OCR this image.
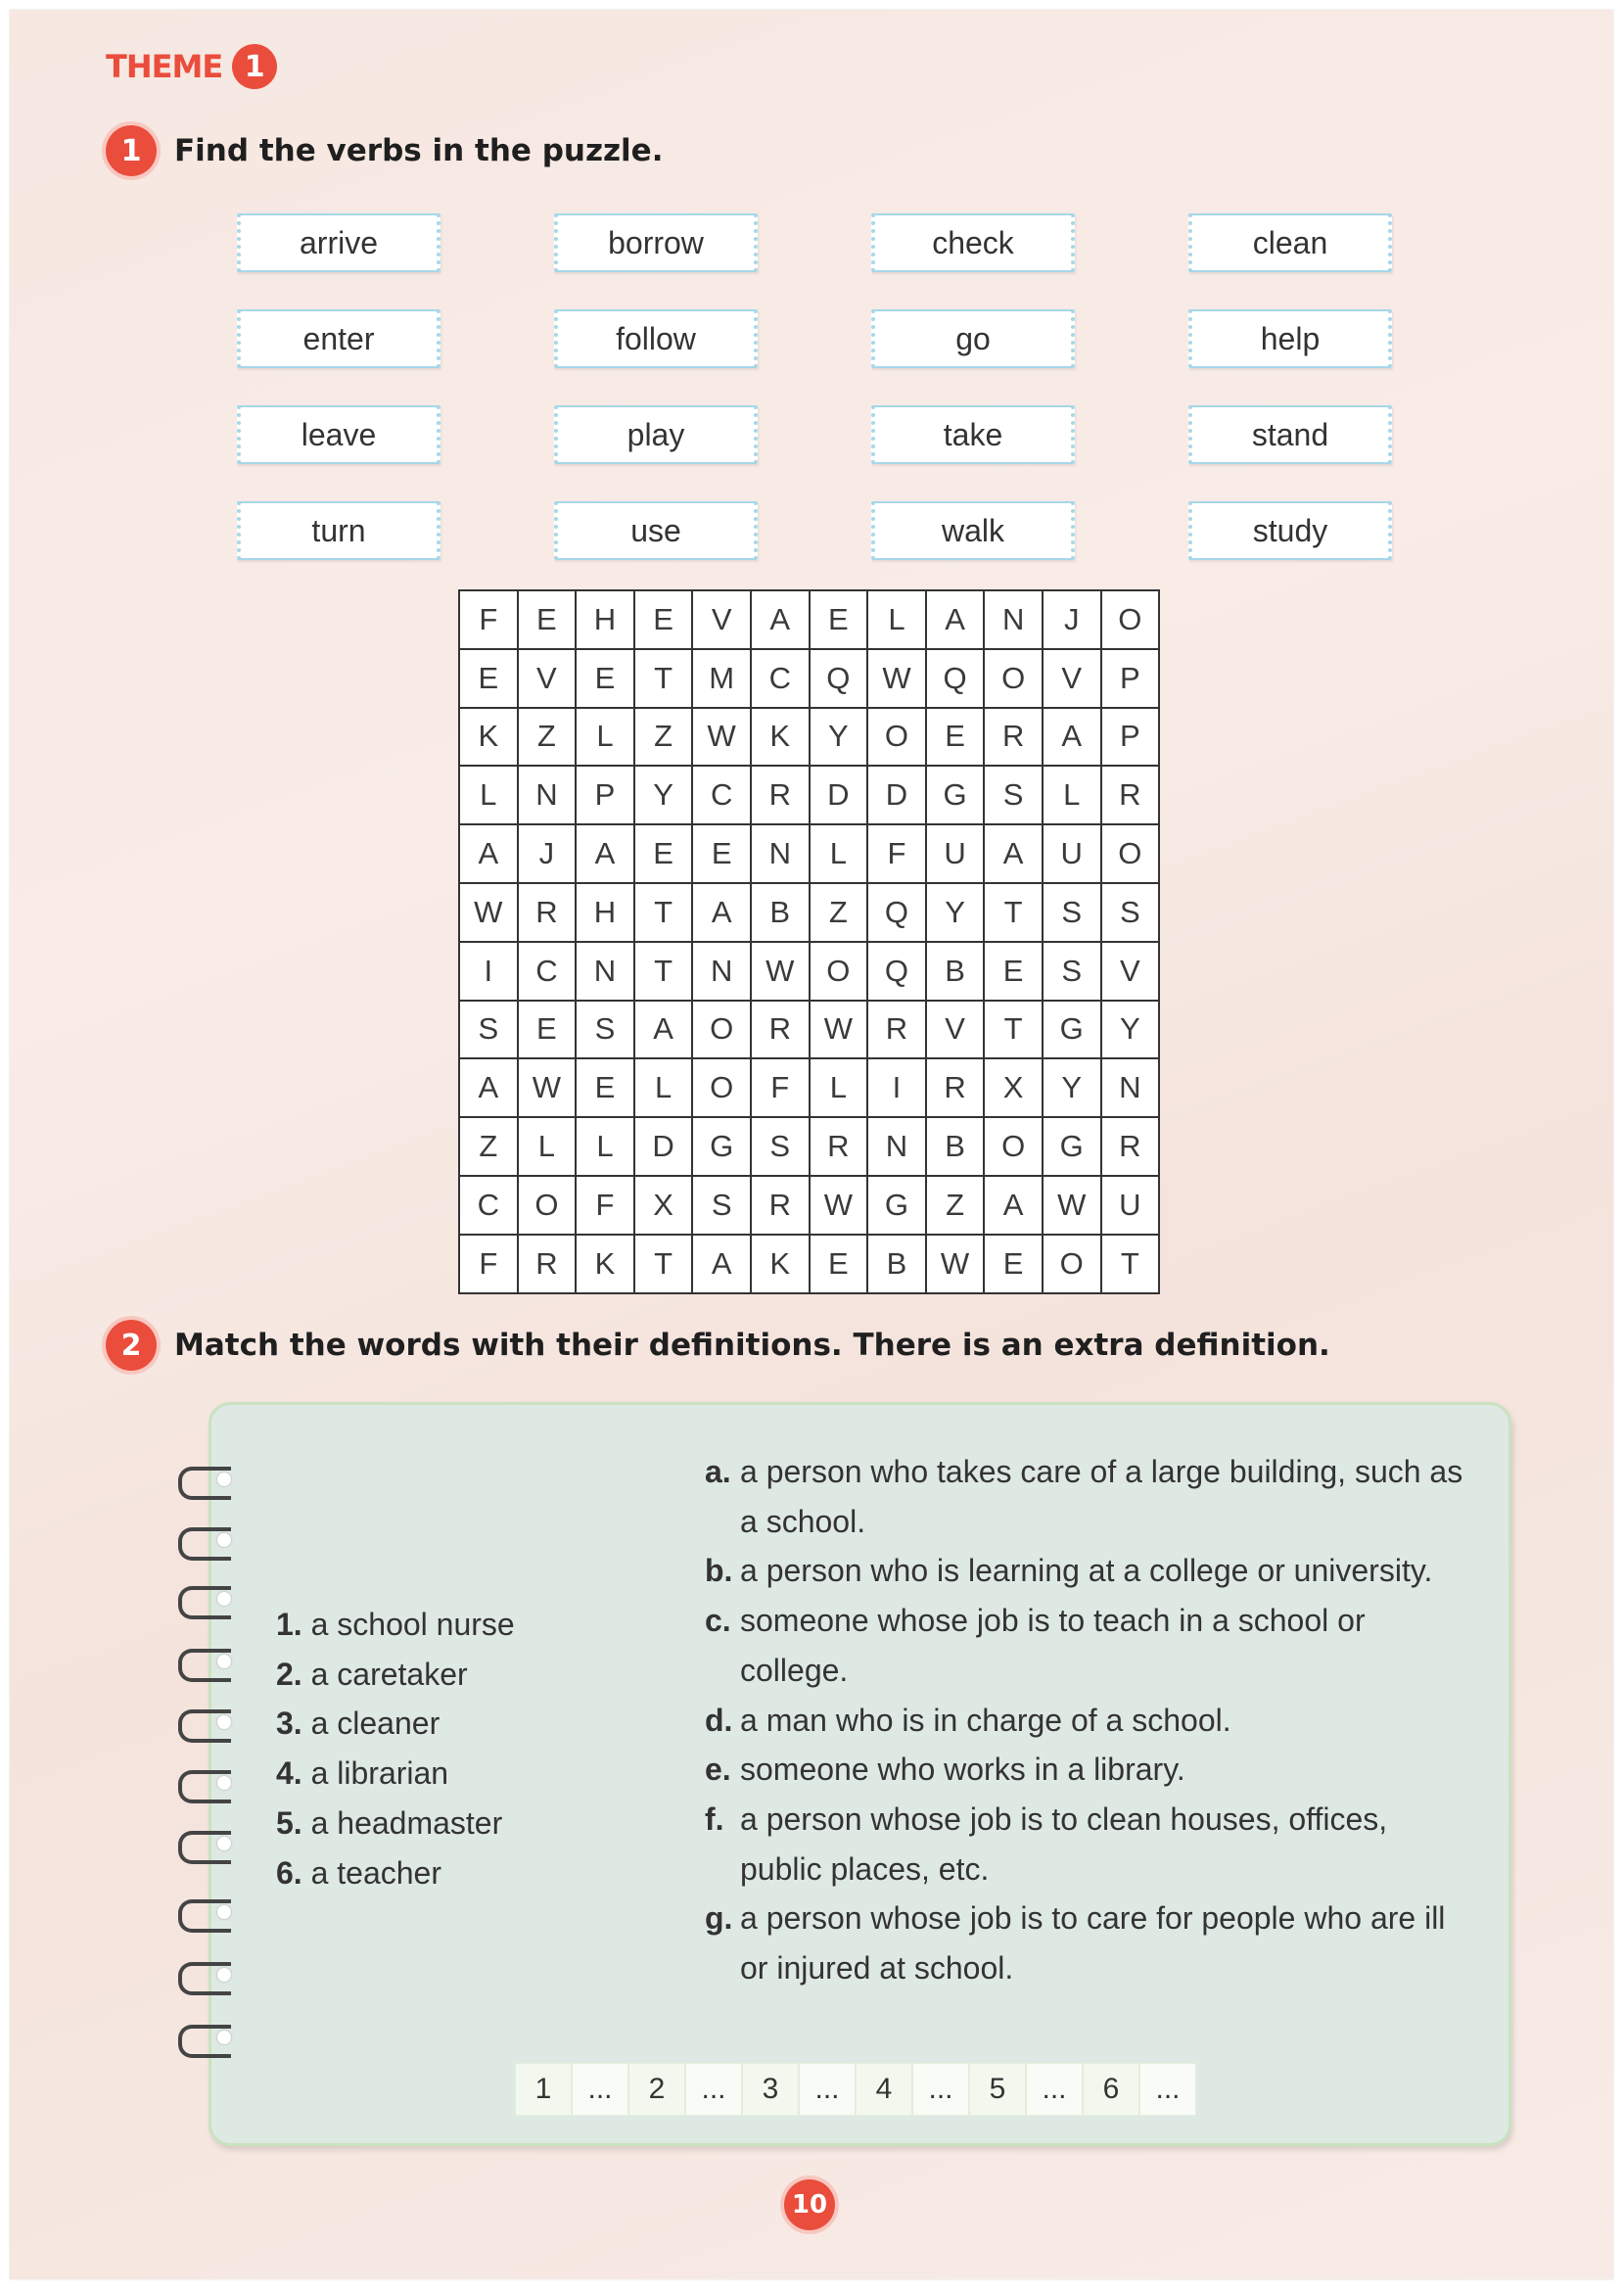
THEME 1
1	Find the verbs in the puzzle.
arrive	borrow	check	clean
enter	follow	go	help
leave	play	take	stand
turn	use	walk	study
F	E	H	E	V	A	E	L	A	N	J	O
E	V	E	T	M	C	Q	W	Q	O	V	P
K	Z	L	Z	W	K	Y	O	E	R	A	P
L	N	P	Y	C	R	D	D	G	S	L	R
A	J	A	E	E	N	L	F	U	A	U	O
W	R	H	T	A	B	Z	Q	Y	T	S	S
I	C	N	T	N	W	O	Q	B	E	S	V
S	E	S	A	O	R	W	R	V	T	G	Y
A	W	E	L	O	F	L	I	R	X	Y	N
Z	L	L	D	G	S	R	N	B	O	G	R
C	O	F	X	S	R	W	G	Z	A	W	U
F	R	K	T	A	K	E	B	W	E	O	T
2	Match the words with their definitions. There is an extra definition.
1. a school nurse
2. a caretaker
3. a cleaner
4. a librarian
5. a headmaster
6. a teacher
a. a person who takes care of a large building, such as a school.
b. a person who is learning at a college or university.
c. someone whose job is to teach in a school or college.
d. a man who is in charge of a school.
e. someone who works in a library.
f. a person whose job is to clean houses, offices, public places, etc.
g. a person whose job is to care for people who are ill or injured at school.
1	...	2	...	3	...	4	...	5	...	6	...
10
